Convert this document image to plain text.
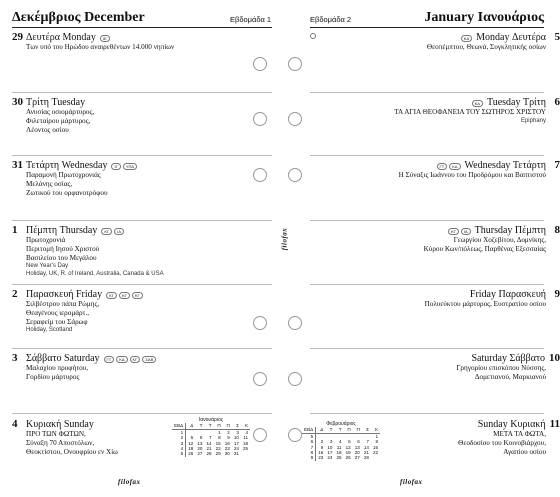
Δεκέμβριος December	Εβδομάδα 1
29 Δευτέρα Monday	ΙΕ
Των υπό του Ηρώδου αναιρεθέντων 14.000 νηπίων
30 Τρίτη Tuesday
Ανυσίας οσιομάρτυρος,
Φιλεταίρου μάρτυρος,
Λέοντος οσίου
31 Τετάρτη Wednesday	ΙΓ	ΥΠΑ
Παραμονή Πρωτοχρονιάς
Μελάνης οσίας,
Ζωτικού του ορφανοτρόφου
1 Πέμπτη Thursday	ΚΓ	ΙΑ
Πρωτοχρονιά
Περιτομή Ιησού Χριστού
Βασιλείου του Μεγάλου
New Year's Day
Holiday, UK, R. of Ireland, Australia, Canada & USA
2 Παρασκευή Friday	ΚΓ	ΚΓ	ΚΓ
Σιλβέστρου πάπα Ρώμης,
Θεαγένους ιερομάρτ.,
Σεραφείμ του Σάρωφ
Holiday, Scotland
3 Σάββατο Saturday	ΓΤ	ΚΔ	ΚΓ	ΣΑΒ
Μαλαχίου προφήτου,
Γορδίου μάρτυρος
4 Κυριακή Sunday
ΠΡΟ ΤΩΝ ΦΩΤΩΝ,
Σύναξη 70 Αποστόλων,
Θεοκτίστου, Ονουφρίου εν Χίω
Ιανουάριος
ΕΒΔ	Δ	Τ	Τ	Π	Π	Σ	Κ
1				1	2	3	4
2	5	6	7	8	9	10	11
3	12	13	14	15	16	17	18
4	19	20	21	22	23	24	25
5	26	27	28	29	30	31	
filofax
January Ιανουάριος
Εβδομάδα 2
ΚΔ Monday Δευτέρα 5
Θεοπέμπτου, Θεωνά, Συγκλητικής οσίων
ΚΔ Tuesday Τρίτη 6
ΤΑ ΑΓΙΑ ΘΕΟΦΑΝΕΙΑ ΤΟΥ ΣΩΤΗΡΟΣ ΧΡΙΣΤΟΥ
Epiphany
ΓΤ	ΚΔ Wednesday Τετάρτη 7
Η Σύναξις Ιωάννου του Προδρόμου και Βαπτιστού
ΚΓ	ΙΑ Thursday Πέμπτη 8
Γεωργίου Χοζεβίτου, Δομνίκης,
Κύρου Κων/πόλεως, Παρθένας Εξεσσαίας
Friday Παρασκευή 9
Πολυεύκτου μάρτυρος, Ευστρατίου οσίου
Saturday Σάββατο 10
Γρηγορίου επισκόπου Νύσσης,
Δομετιανού, Μαρκιανού
Sunday Κυριακή 11
ΜΕΤΑ ΤΑ ΦΩΤΑ,
Θεοδοσίου του Κοινοβιάρχου,
Αγαπίου οσίου
Φεβρουάριος
ΕΒΔ	Δ	Τ	Τ	Π	Π	Σ	Κ
5							1
6	2	3	4	5	6	7	8
7	9	10	11	12	13	14	15
8	16	17	18	19	20	21	22
9	23	24	25	26	27	28	
filofax
filofax
